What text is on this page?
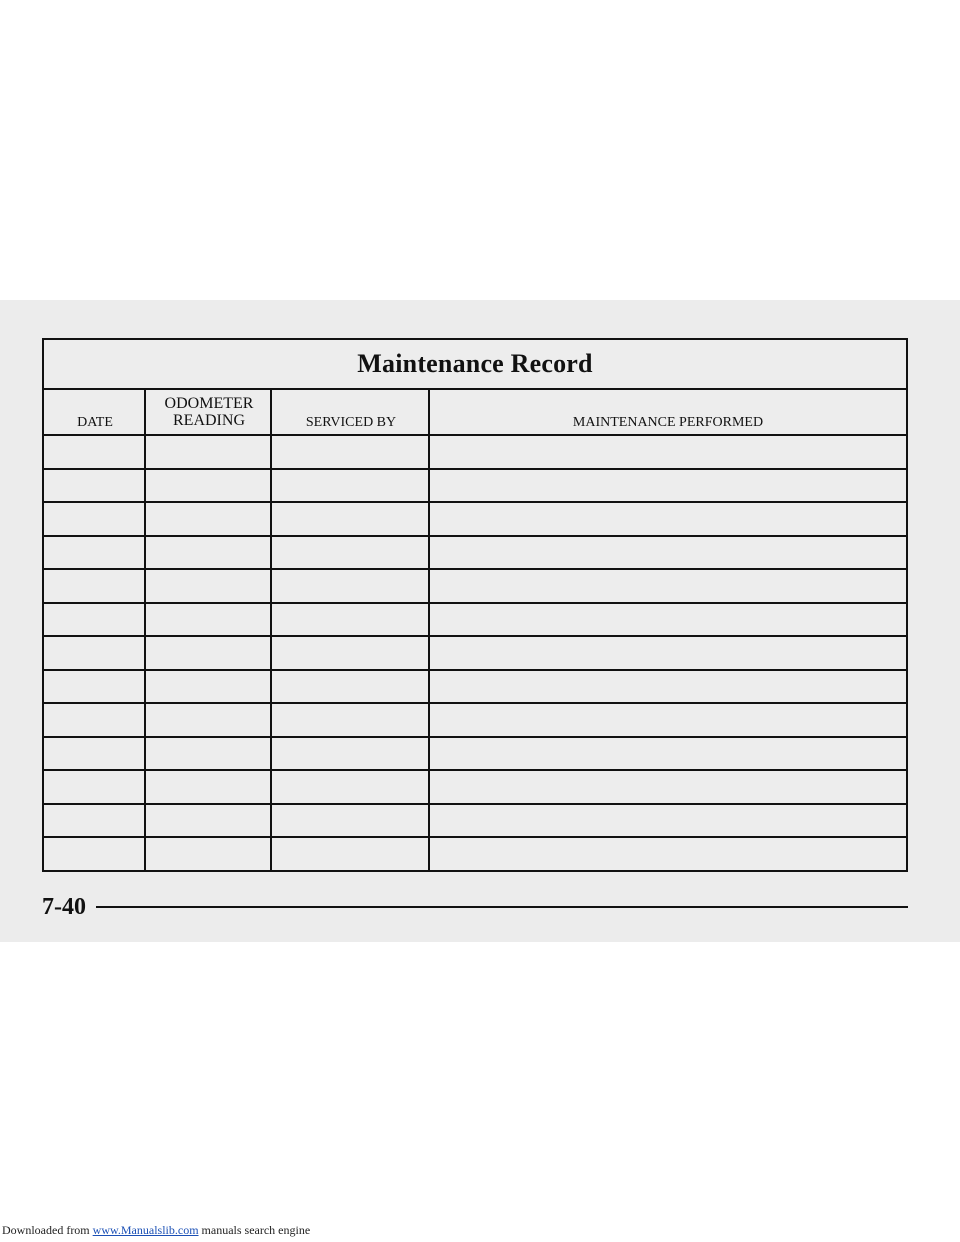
Maintenance Record
DATE
ODOMETER
READING	SERVICED BY	MAINTENANCE PERFORMED
7-40
Downloaded from www.Manualslib.com manuals search engine
